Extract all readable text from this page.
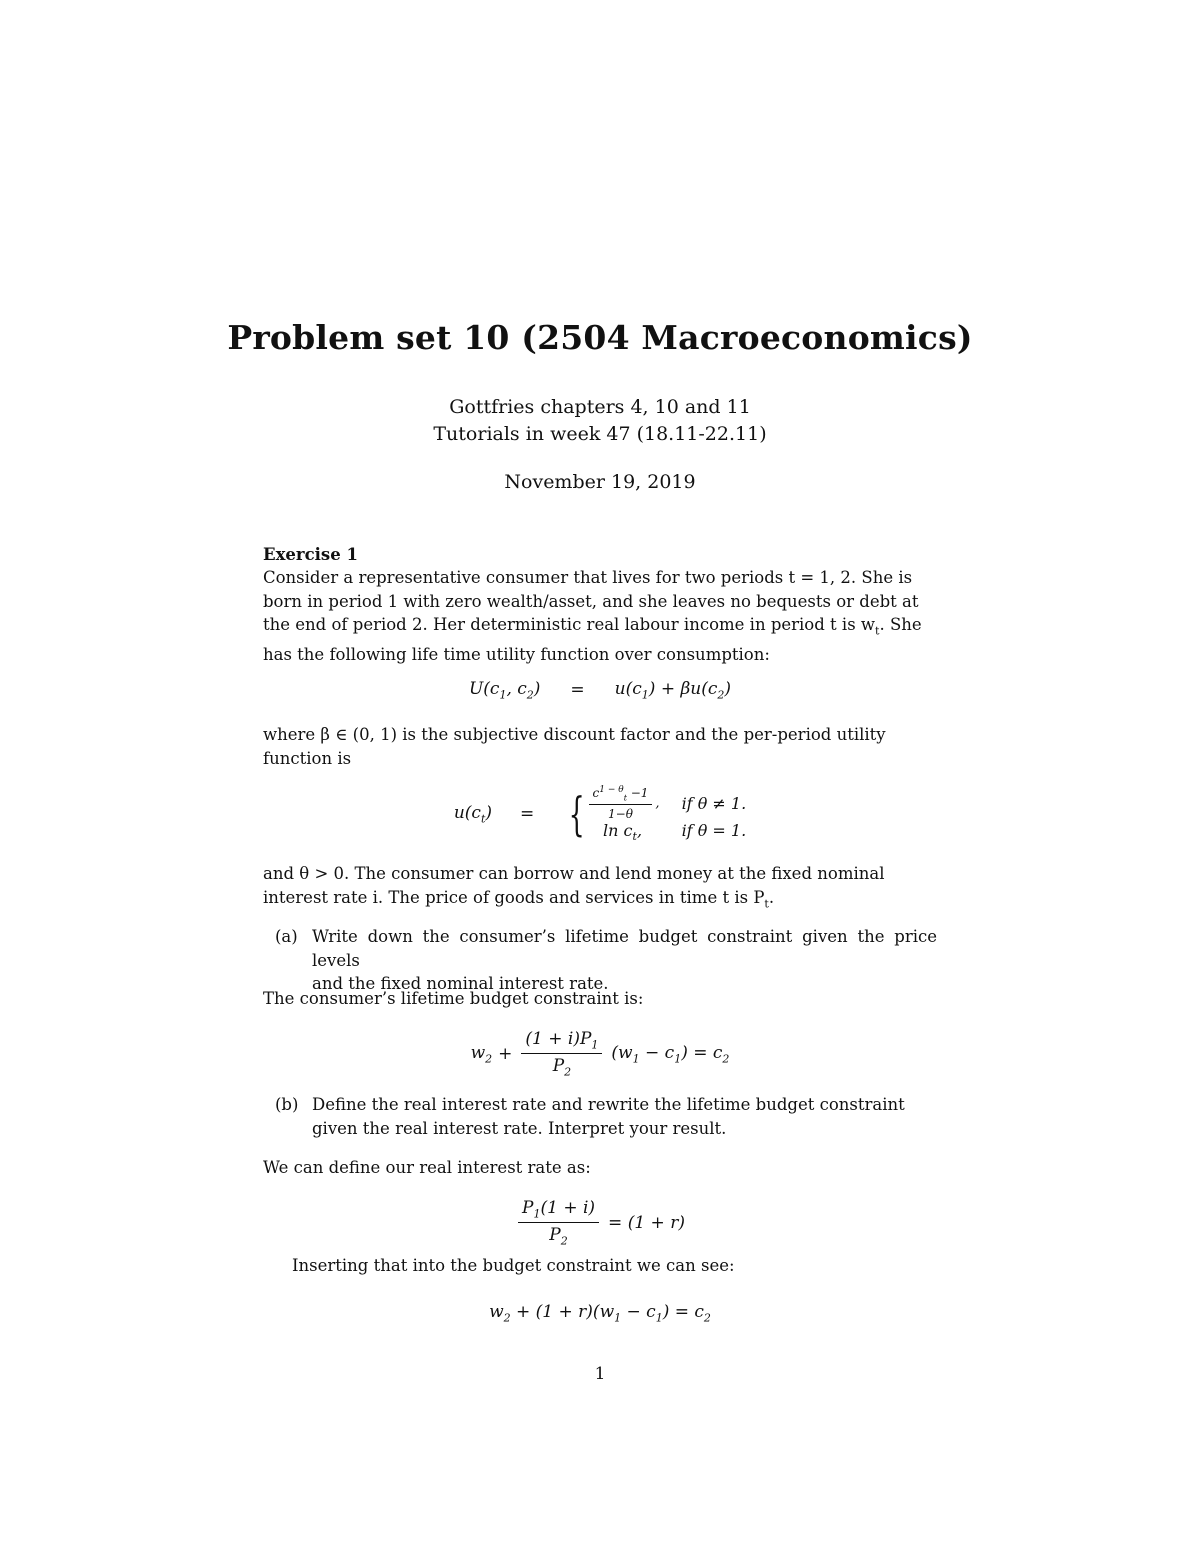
Problem set 10 (2504 Macroeconomics)
Gottfries chapters 4, 10 and 11
Tutorials in week 47 (18.11-22.11)
November 19, 2019
Exercise 1
Consider a representative consumer that lives for two periods t = 1, 2. She is
born in period 1 with zero wealth/asset, and she leaves no bequests or debt at
the end of period 2. Her deterministic real labour income in period t is $w_t$. She
has the following life time utility function over consumption:
$U(c_1$, $c_2) = u(c_1) + \beta u(c_2)$
where β ∈ (0, 1) is the subjective discount factor and the per-period utility
function is
$u(c_t)$ = { $\frac{c^{1 - \theta}_t -1}{1-\theta}$ , if θ ≠ 1.
$\ln c_t$,	if θ = 1.
and θ > 0. The consumer can borrow and lend money at the fixed nominal
interest rate i. The price of goods and services in time t is $P_t$.
(a) Write down the consumer’s lifetime budget constraint given the price levels
and the fixed nominal interest rate.
The consumer’s lifetime budget constraint is:
$w_2 + \frac{(1 + i)P_1}{P_2} (w_1 - c_1) = c_2$
(b) Define the real interest rate and rewrite the lifetime budget constraint
given the real interest rate. Interpret your result.
We can define our real interest rate as:
$\frac{P_1(1 + i)}{P_2} = (1 + r)$
Inserting that into the budget constraint we can see:
$w_2 + (1 + r)(w_1 - c_1) = c_2$
1
